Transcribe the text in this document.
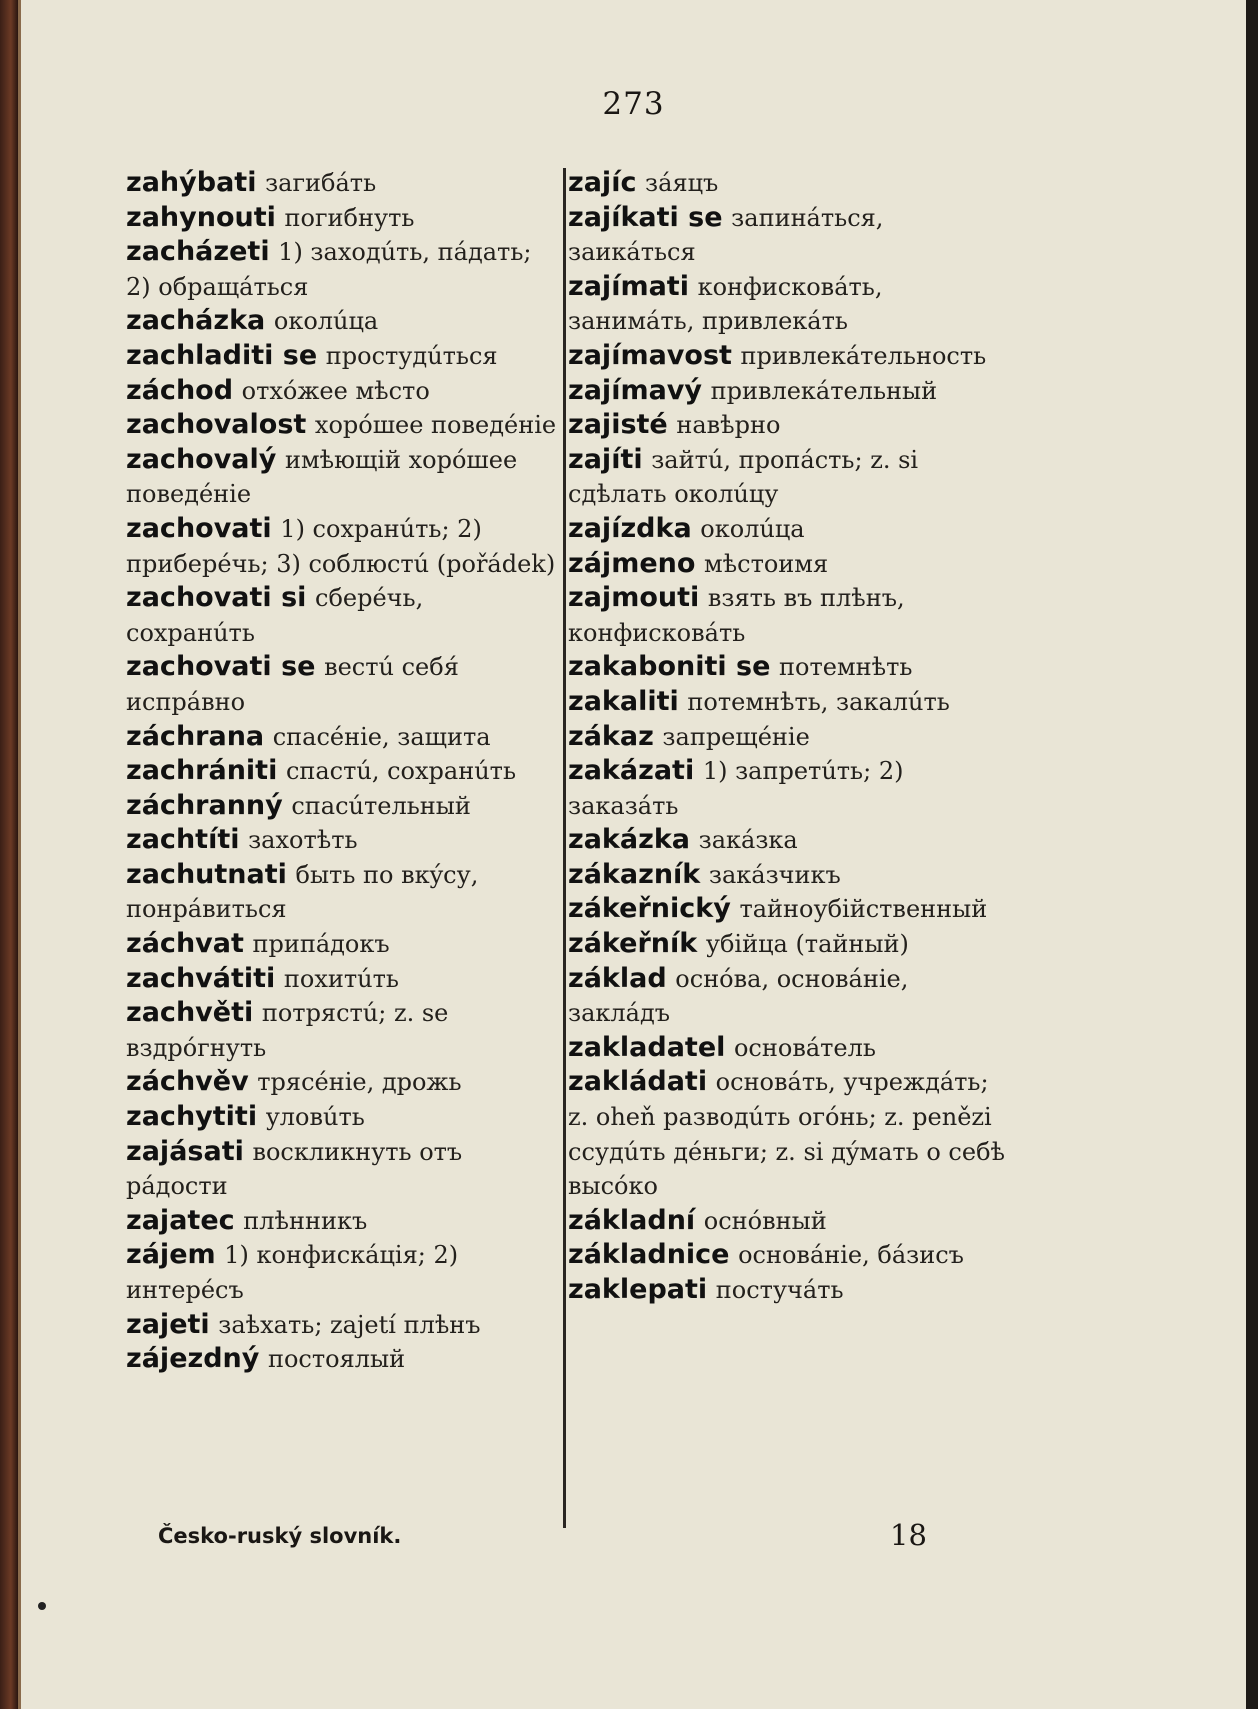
273

zahýbati загибáть

zahynouti погибнуть

zacházeti 1) заходúть, пáдать; 2) обращáться

zacházka околúца

zachladiti se простудúться

záchod отхóжее мѣсто

zachovalost хорóшее поведéніе

zachovalý имѣющій хорóшее поведéніе

zachovati 1) сохранúть; 2) приберéчь; 3) соблюстú (pořádek)

zachovati si сберéчь, сохранúть

zachovati se вестú себя́ испрáвно

záchrana спасéніе, защита

zachrániti спастú, сохранúть

záchranný спасúтельный

zachtíti захотѣть

zachutnati быть по вкýсу, понрáвиться

záchvat припáдокъ

zachvátiti похитúть

zachvěti потрястú; z. se вздрóгнуть

záchvěv трясéніе, дрожь

zachytiti уловúть

zajásati воскликнуть отъ рáдости

zajatec плѣнникъ

zájem 1) конфискáція; 2) интерéсъ

zajeti заѣхать; zajetí плѣнъ

zájezdný постоялый

zajíc зáяцъ

zajíkati se запинáться, заикáться

zajímati конфисковáть, занимáть, привлекáть

zajímavost привлекáтельность

zajímavý привлекáтельный

zajisté навѣрно

zajíti зайтú, пропáсть; z. si сдѣлать околúцу

zajízdka околúца

zájmeno мѣстоимя

zajmouti взять въ плѣнъ, конфисковáть

zakaboniti se потемнѣть

zakaliti потемнѣть, закалúть

zákaz запрещéніе

zakázati 1) запретúть; 2) заказáть

zakázka закáзка

zákazník закáзчикъ

zákeřnický тайноубійственный

zákeřník убійца (тайный)

základ оснóва, основáніе, заклáдъ

zakladatel основáтель

zakládati основáть, учреждáть; z. oheň разводúть огóнь; z. penězi ссудúть дéньги; z. si дýмать о себѣ высóко

základní оснóвный

základnice основáніе, бáзисъ

zaklepati постучáть

Česko-ruský slovník.	18
